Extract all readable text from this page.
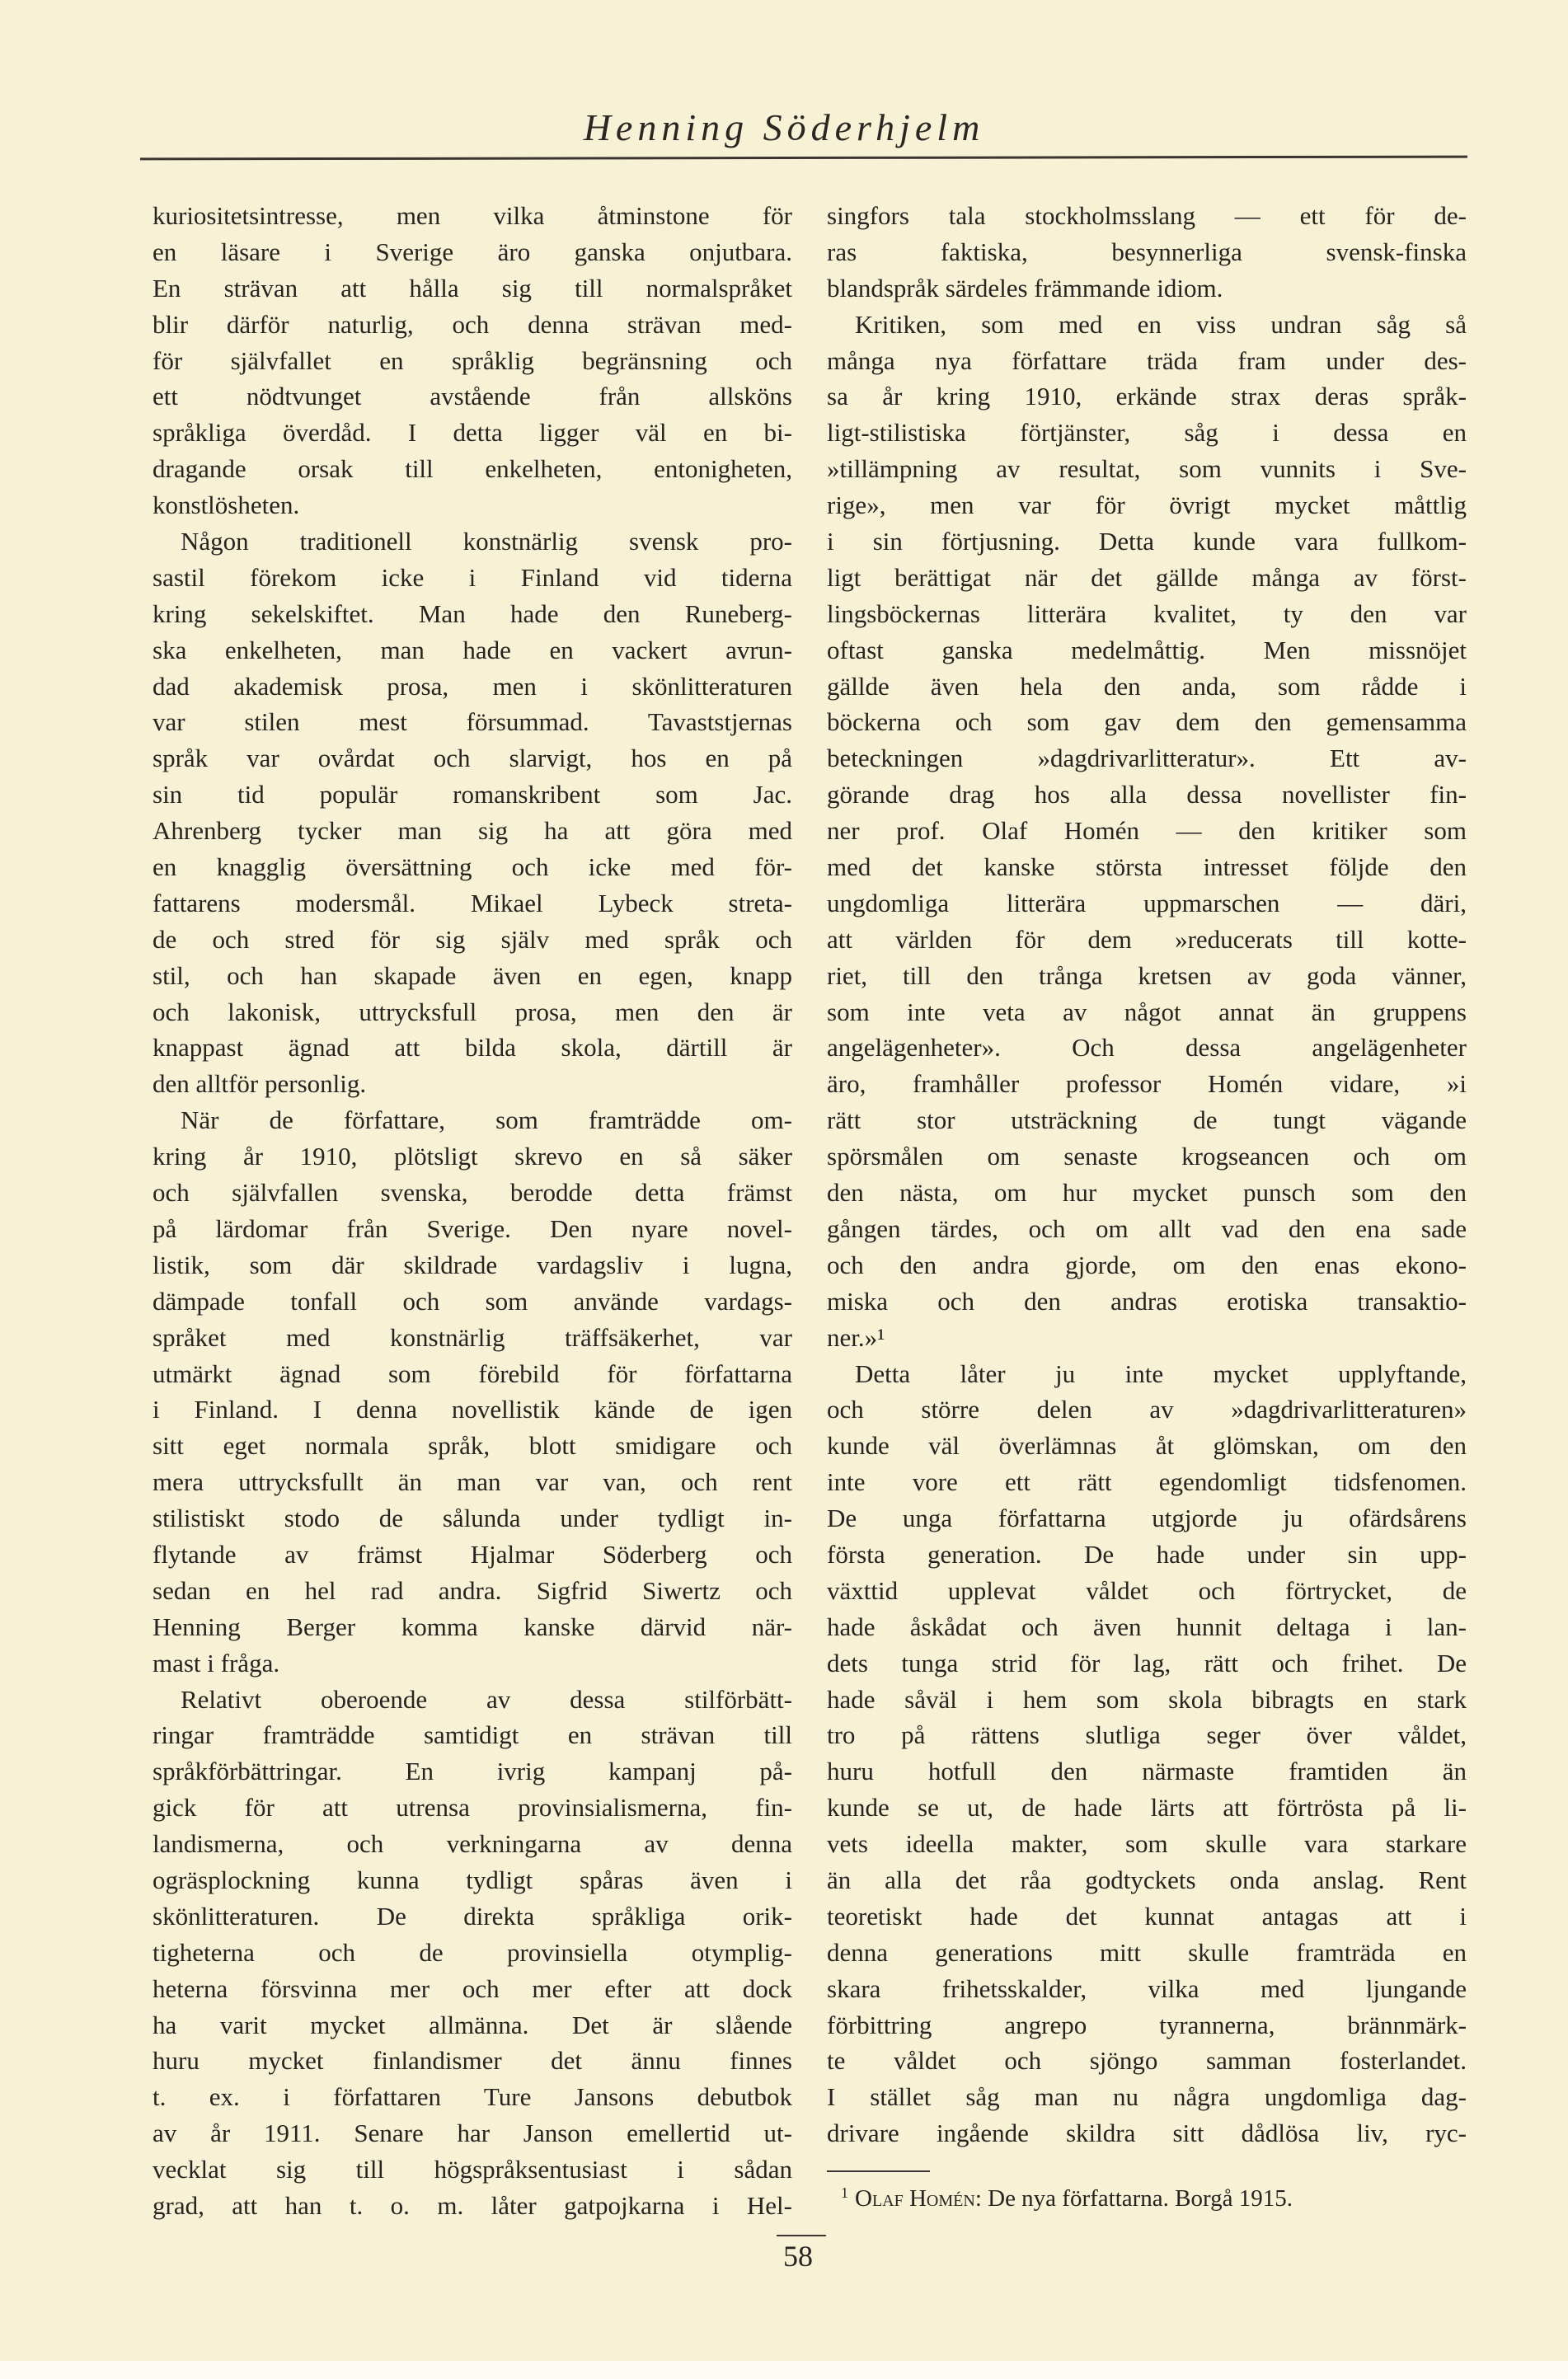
Henning Söderhjelm
kuriositetsintresse, men vilka åtminstone för
en läsare i Sverige äro ganska onjutbara.
En strävan att hålla sig till normalspråket
blir därför naturlig, och denna strävan med-
för självfallet en språklig begränsning och
ett nödtvunget avstående från allsköns
språkliga överdåd. I detta ligger väl en bi-
dragande orsak till enkelheten, entonigheten,
konstlösheten.
Någon traditionell konstnärlig svensk pro-
sastil förekom icke i Finland vid tiderna
kring sekelskiftet. Man hade den Runeberg-
ska enkelheten, man hade en vackert avrun-
dad akademisk prosa, men i skönlitteraturen
var stilen mest försummad. Tavaststjernas
språk var ovårdat och slarvigt, hos en på
sin tid populär romanskribent som Jac.
Ahrenberg tycker man sig ha att göra med
en knagglig översättning och icke med för-
fattarens modersmål. Mikael Lybeck streta-
de och stred för sig själv med språk och
stil, och han skapade även en egen, knapp
och lakonisk, uttrycksfull prosa, men den är
knappast ägnad att bilda skola, därtill är
den alltför personlig.
När de författare, som framträdde om-
kring år 1910, plötsligt skrevo en så säker
och självfallen svenska, berodde detta främst
på lärdomar från Sverige. Den nyare novel-
listik, som där skildrade vardagsliv i lugna,
dämpade tonfall och som använde vardags-
språket med konstnärlig träffsäkerhet, var
utmärkt ägnad som förebild för författarna
i Finland. I denna novellistik kände de igen
sitt eget normala språk, blott smidigare och
mera uttrycksfullt än man var van, och rent
stilistiskt stodo de sålunda under tydligt in-
flytande av främst Hjalmar Söderberg och
sedan en hel rad andra. Sigfrid Siwertz och
Henning Berger komma kanske därvid när-
mast i fråga.
Relativt oberoende av dessa stilförbätt-
ringar framträdde samtidigt en strävan till
språkförbättringar. En ivrig kampanj på-
gick för att utrensa provinsialismerna, fin-
landismerna, och verkningarna av denna
ogräsplockning kunna tydligt spåras även i
skönlitteraturen. De direkta språkliga orik-
tigheterna och de provinsiella otymplig-
heterna försvinna mer och mer efter att dock
ha varit mycket allmänna. Det är slående
huru mycket finlandismer det ännu finnes
t. ex. i författaren Ture Jansons debutbok
av år 1911. Senare har Janson emellertid ut-
vecklat sig till högspråksentusiast i sådan
grad, att han t. o. m. låter gatpojkarna i Hel-
singfors tala stockholmsslang — ett för de-
ras faktiska, besynnerliga svensk-finska
blandspråk särdeles främmande idiom.
Kritiken, som med en viss undran såg så
många nya författare träda fram under des-
sa år kring 1910, erkände strax deras språk-
ligt-stilistiska förtjänster, såg i dessa en
»tillämpning av resultat, som vunnits i Sve-
rige», men var för övrigt mycket måttlig
i sin förtjusning. Detta kunde vara fullkom-
ligt berättigat när det gällde många av först-
lingsböckernas litterära kvalitet, ty den var
oftast ganska medelmåttig. Men missnöjet
gällde även hela den anda, som rådde i
böckerna och som gav dem den gemensamma
beteckningen »dagdrivarlitteratur». Ett av-
görande drag hos alla dessa novellister fin-
ner prof. Olaf Homén — den kritiker som
med det kanske största intresset följde den
ungdomliga litterära uppmarschen — däri,
att världen för dem »reducerats till kotte-
riet, till den trånga kretsen av goda vänner,
som inte veta av något annat än gruppens
angelägenheter». Och dessa angelägenheter
äro, framhåller professor Homén vidare, »i
rätt stor utsträckning de tungt vägande
spörsmålen om senaste krogseancen och om
den nästa, om hur mycket punsch som den
gången tärdes, och om allt vad den ena sade
och den andra gjorde, om den enas ekono-
miska och den andras erotiska transaktio-
ner.»¹
Detta låter ju inte mycket upplyftande,
och större delen av »dagdrivarlitteraturen»
kunde väl överlämnas åt glömskan, om den
inte vore ett rätt egendomligt tidsfenomen.
De unga författarna utgjorde ju ofärdsårens
första generation. De hade under sin upp-
växttid upplevat våldet och förtrycket, de
hade åskådat och även hunnit deltaga i lan-
dets tunga strid för lag, rätt och frihet. De
hade såväl i hem som skola bibragts en stark
tro på rättens slutliga seger över våldet,
huru hotfull den närmaste framtiden än
kunde se ut, de hade lärts att förtrösta på li-
vets ideella makter, som skulle vara starkare
än alla det råa godtyckets onda anslag. Rent
teoretiskt hade det kunnat antagas att i
denna generations mitt skulle framträda en
skara frihetsskalder, vilka med ljungande
förbittring angrepo tyrannerna, brännmärk-
te våldet och sjöngo samman fosterlandet.
I stället såg man nu några ungdomliga dag-
drivare ingående skildra sitt dådlösa liv, ryc-
$^1$ Olaf Homén: De nya författarna. Borgå 1915.
58
